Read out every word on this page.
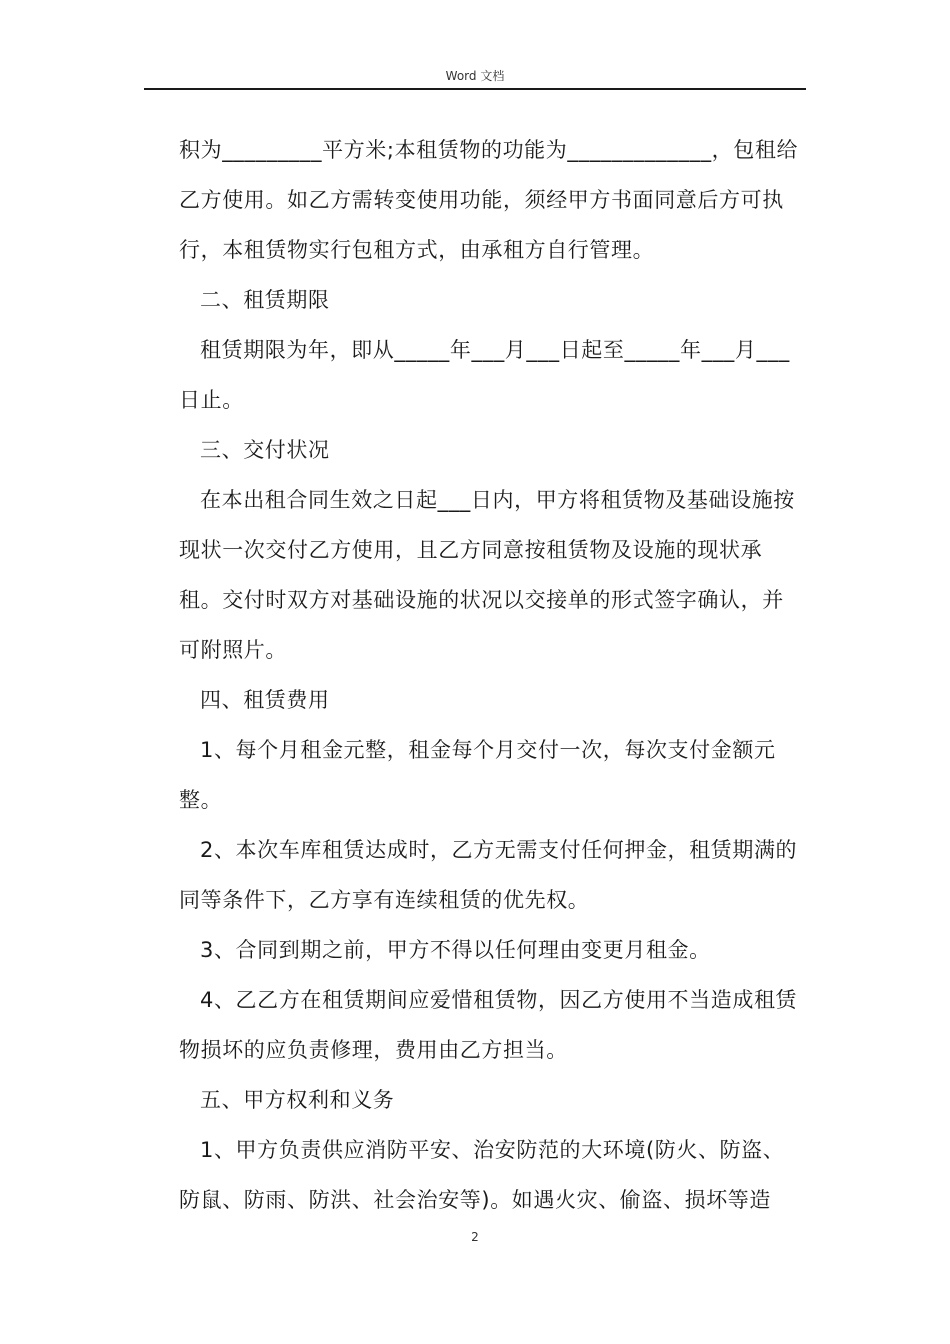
Word 文档

积为_________平方米;本租赁物的功能为_____________，包租给乙方使用。如乙方需转变使用功能，须经甲方书面同意后方可执行，本租赁物实行包租方式，由承租方自行管理。

二、租赁期限

租赁期限为年，即从_____年___月___日起至_____年___月___日止。

三、交付状况

在本出租合同生效之日起___日内，甲方将租赁物及基础设施按现状一次交付乙方使用，且乙方同意按租赁物及设施的现状承租。交付时双方对基础设施的状况以交接单的形式签字确认，并可附照片。

四、租赁费用

1、每个月租金元整，租金每个月交付一次，每次支付金额元整。

2、本次车库租赁达成时，乙方无需支付任何押金，租赁期满的同等条件下，乙方享有连续租赁的优先权。

3、合同到期之前，甲方不得以任何理由变更月租金。

4、乙乙方在租赁期间应爱惜租赁物，因乙方使用不当造成租赁物损坏的应负责修理，费用由乙方担当。

五、甲方权利和义务

1、甲方负责供应消防平安、治安防范的大环境(防火、防盗、防鼠、防雨、防洪、社会治安等)。如遇火灾、偷盗、损坏等造

2
